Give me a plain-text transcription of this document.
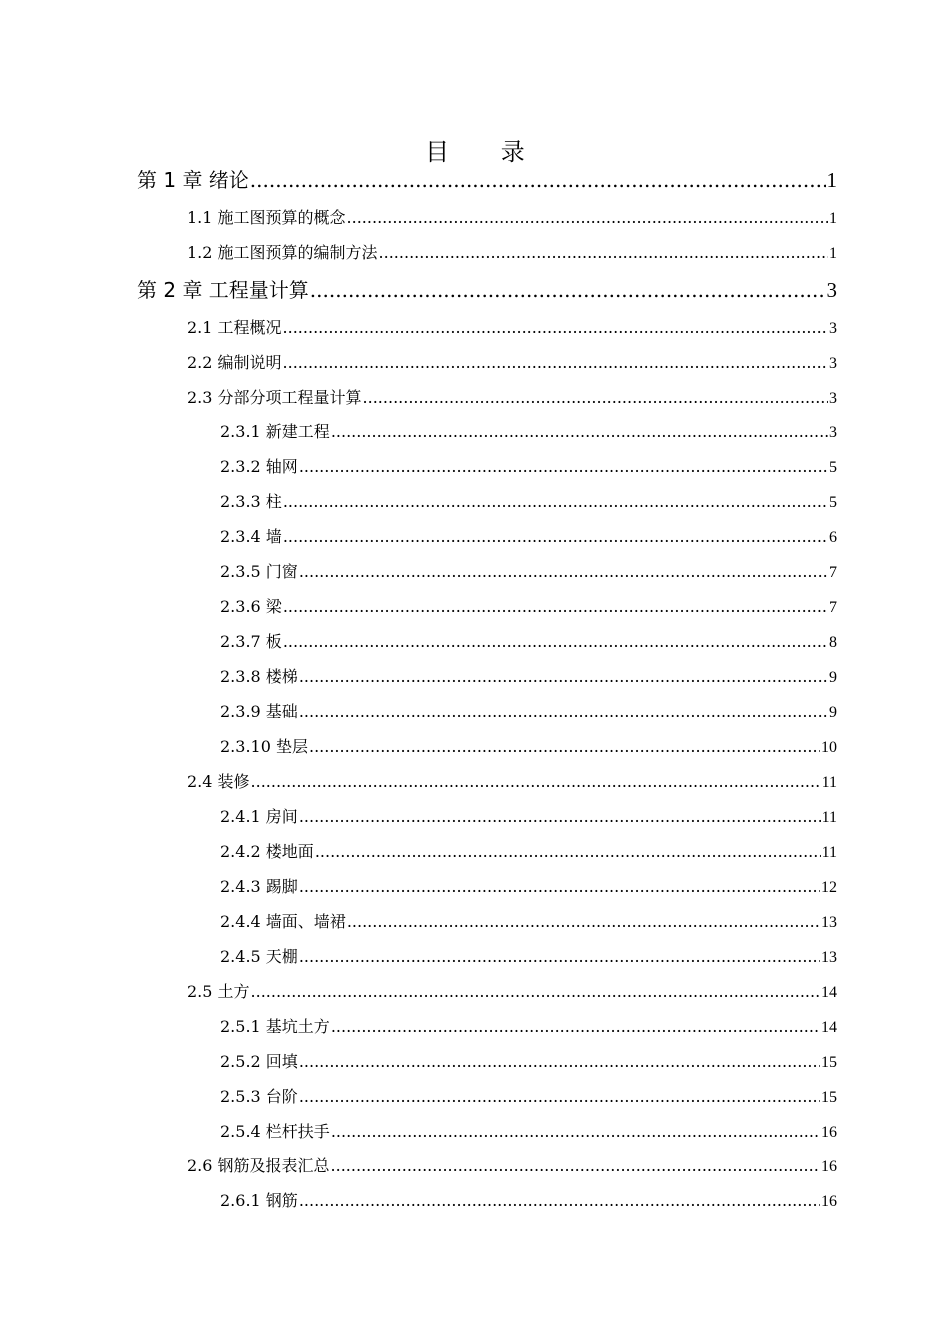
目 录
第 1 章 绪论 .....	1
1.1 施工图预算的概念 .....	1
1.2 施工图预算的编制方法 .....	1
第 2 章 工程量计算 .....	3
2.1 工程概况 .....	3
2.2 编制说明 .....	3
2.3 分部分项工程量计算 .....	3
2.3.1 新建工程 .....	3
2.3.2 轴网 .....	5
2.3.3 柱 .....	5
2.3.4 墙 .....	6
2.3.5 门窗 .....	7
2.3.6 梁 .....	7
2.3.7 板 .....	8
2.3.8 楼梯 .....	9
2.3.9 基础 .....	9
2.3.10 垫层 .....	10
2.4 装修 .....	11
2.4.1 房间 .....	11
2.4.2 楼地面 .....	11
2.4.3 踢脚 .....	12
2.4.4 墙面、墙裙 .....	13
2.4.5 天棚 .....	13
2.5 土方 .....	14
2.5.1 基坑土方 .....	14
2.5.2 回填 .....	15
2.5.3 台阶 .....	15
2.5.4 栏杆扶手 .....	16
2.6 钢筋及报表汇总 .....	16
2.6.1 钢筋 .....	16
